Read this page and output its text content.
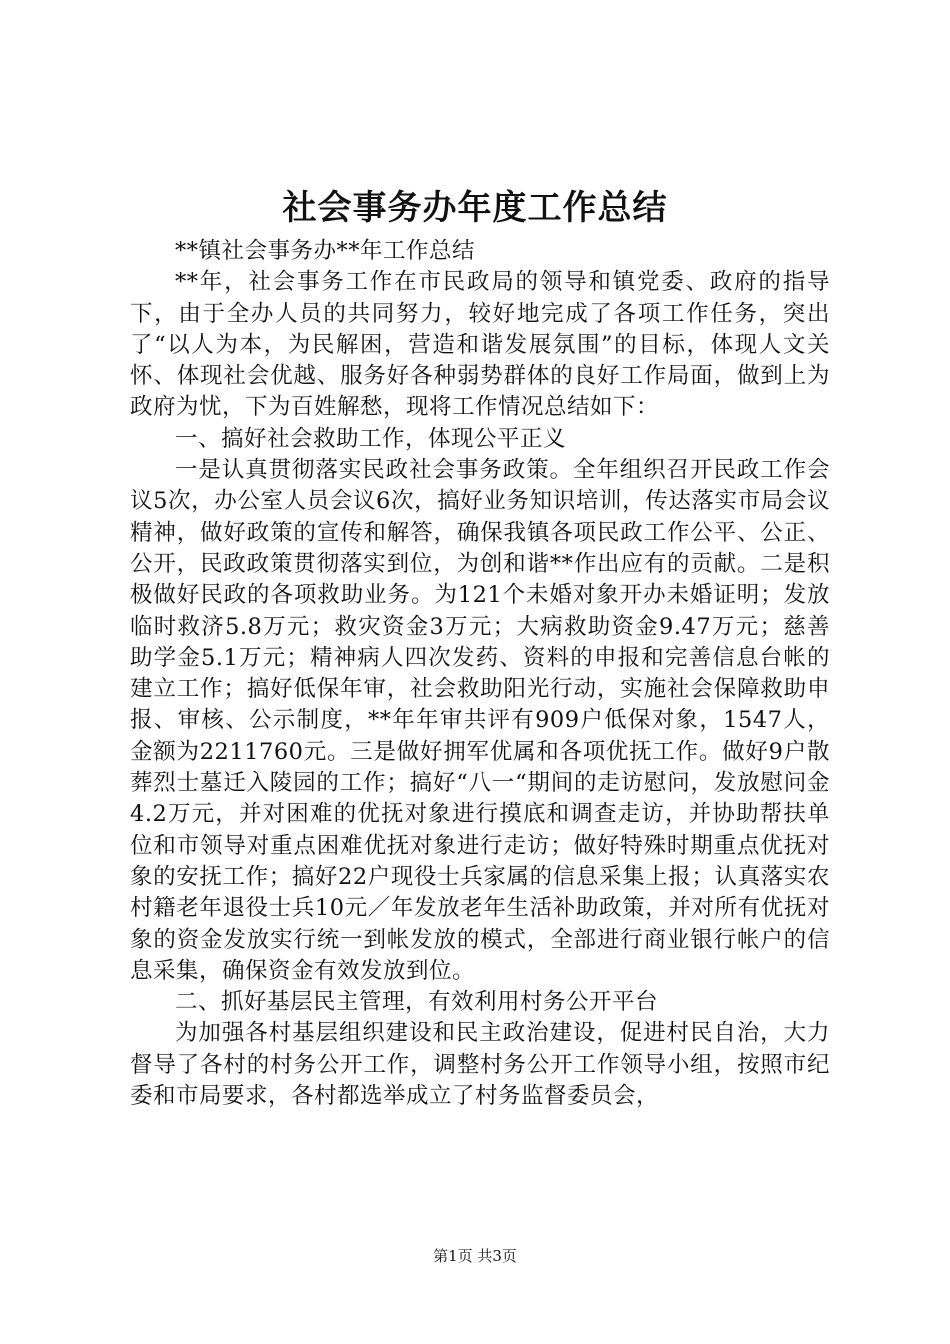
社会事务办年度工作总结

**镇社会事务办**年工作总结

**年，社会事务工作在市民政局的领导和镇党委、政府的指导下，由于全办人员的共同努力，较好地完成了各项工作任务，突出了“以人为本，为民解困，营造和谐发展氛围”的目标，体现人文关怀、体现社会优越、服务好各种弱势群体的良好工作局面，做到上为政府为忧，下为百姓解愁，现将工作情况总结如下：

一、搞好社会救助工作，体现公平正义

一是认真贯彻落实民政社会事务政策。全年组织召开民政工作会议5次，办公室人员会议6次，搞好业务知识培训，传达落实市局会议精神，做好政策的宣传和解答，确保我镇各项民政工作公平、公正、公开，民政政策贯彻落实到位，为创和谐**作出应有的贡献。二是积极做好民政的各项救助业务。为121个未婚对象开办未婚证明；发放临时救济5.8万元；救灾资金3万元；大病救助资金9.47万元；慈善助学金5.1万元；精神病人四次发药、资料的申报和完善信息台帐的建立工作；搞好低保年审，社会救助阳光行动，实施社会保障救助申报、审核、公示制度，**年年审共评有909户低保对象，1547人，金额为2211760元。三是做好拥军优属和各项优抚工作。做好9户散葬烈士墓迁入陵园的工作；搞好“八一“期间的走访慰问，发放慰问金4.2万元，并对困难的优抚对象进行摸底和调查走访，并协助帮扶单位和市领导对重点困难优抚对象进行走访；做好特殊时期重点优抚对象的安抚工作；搞好22户现役士兵家属的信息采集上报；认真落实农村籍老年退役士兵10元／年发放老年生活补助政策，并对所有优抚对象的资金发放实行统一到帐发放的模式，全部进行商业银行帐户的信息采集，确保资金有效发放到位。

二、抓好基层民主管理，有效利用村务公开平台

为加强各村基层组织建设和民主政治建设，促进村民自治，大力督导了各村的村务公开工作，调整村务公开工作领导小组，按照市纪委和市局要求，各村都选举成立了村务监督委员会，

第1页 共3页
